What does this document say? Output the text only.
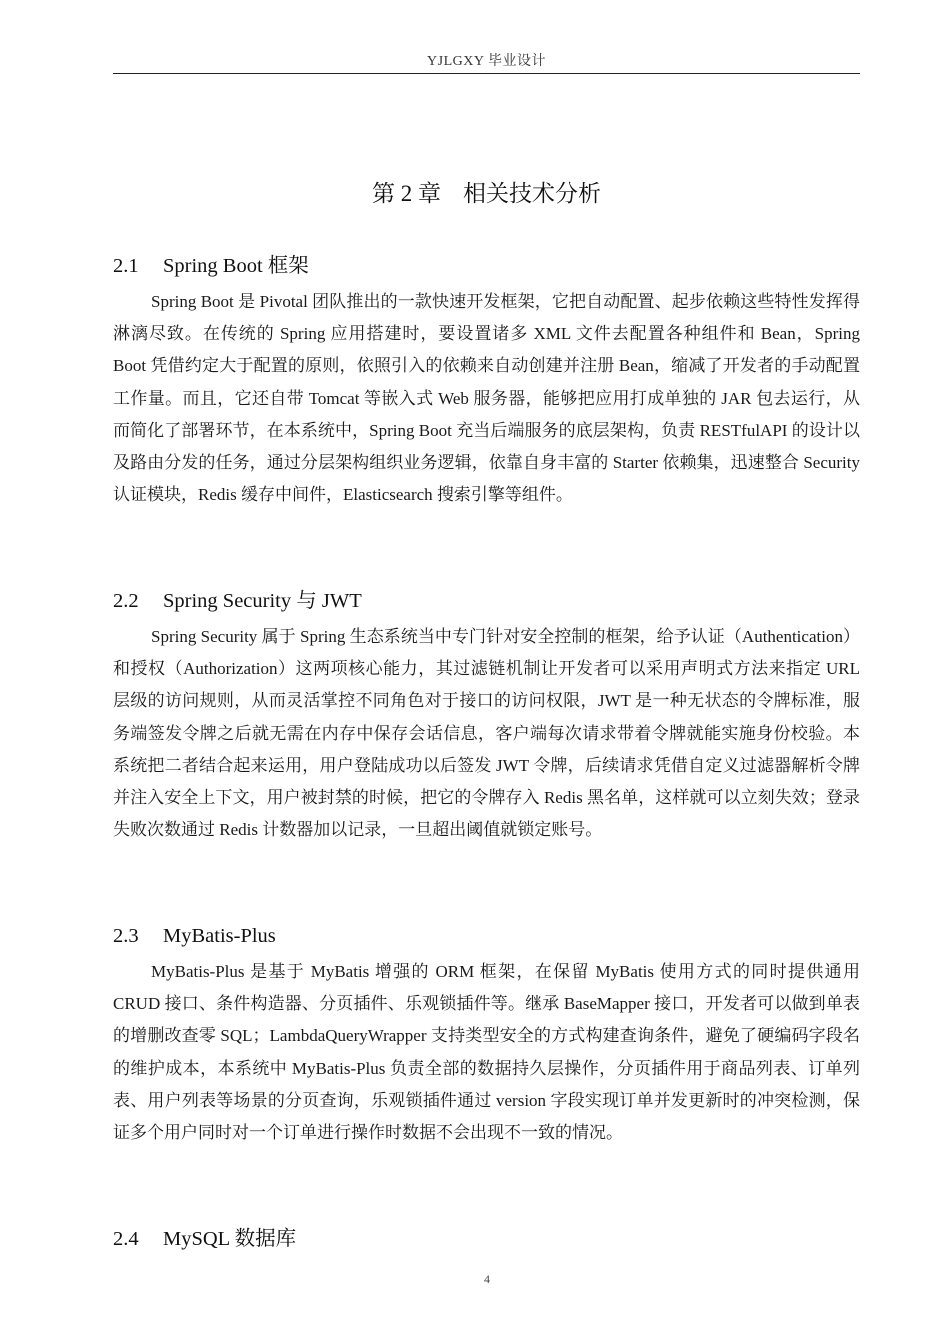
YJLGXY 毕业设计
第 2 章 相关技术分析
2.1 Spring Boot 框架

Spring Boot 是 Pivotal 团队推出的一款快速开发框架，它把自动配置、起步依赖这些特性发挥得淋漓尽致。在传统的 Spring 应用搭建时，要设置诸多 XML 文件去配置各种组件和 Bean，Spring Boot 凭借约定大于配置的原则，依照引入的依赖来自动创建并注册 Bean，缩减了开发者的手动配置工作量。而且，它还自带 Tomcat 等嵌入式 Web 服务器，能够把应用打成单独的 JAR 包去运行，从而简化了部署环节，在本系统中，Spring Boot 充当后端服务的底层架构，负责 RESTfulAPI 的设计以及路由分发的任务，通过分层架构组织业务逻辑，依靠自身丰富的 Starter 依赖集，迅速整合 Security 认证模块，Redis 缓存中间件，Elasticsearch 搜索引擎等组件。

2.2 Spring Security 与 JWT

Spring Security 属于 Spring 生态系统当中专门针对安全控制的框架，给予认证（Authentication）和授权（Authorization）这两项核心能力，其过滤链机制让开发者可以采用声明式方法来指定 URL 层级的访问规则，从而灵活掌控不同角色对于接口的访问权限，JWT 是一种无状态的令牌标准，服务端签发令牌之后就无需在内存中保存会话信息，客户端每次请求带着令牌就能实施身份校验。本系统把二者结合起来运用，用户登陆成功以后签发 JWT 令牌，后续请求凭借自定义过滤器解析令牌并注入安全上下文，用户被封禁的时候，把它的令牌存入 Redis 黑名单，这样就可以立刻失效；登录失败次数通过 Redis 计数器加以记录，一旦超出阈值就锁定账号。

2.3 MyBatis-Plus

MyBatis-Plus 是基于 MyBatis 增强的 ORM 框架，在保留 MyBatis 使用方式的同时提供通用 CRUD 接口、条件构造器、分页插件、乐观锁插件等。继承 BaseMapper 接口，开发者可以做到单表的增删改查零 SQL；LambdaQueryWrapper 支持类型安全的方式构建查询条件，避免了硬编码字段名的维护成本，本系统中 MyBatis-Plus 负责全部的数据持久层操作，分页插件用于商品列表、订单列表、用户列表等场景的分页查询，乐观锁插件通过 version 字段实现订单并发更新时的冲突检测，保证多个用户同时对一个订单进行操作时数据不会出现不一致的情况。

2.4 MySQL 数据库
4
